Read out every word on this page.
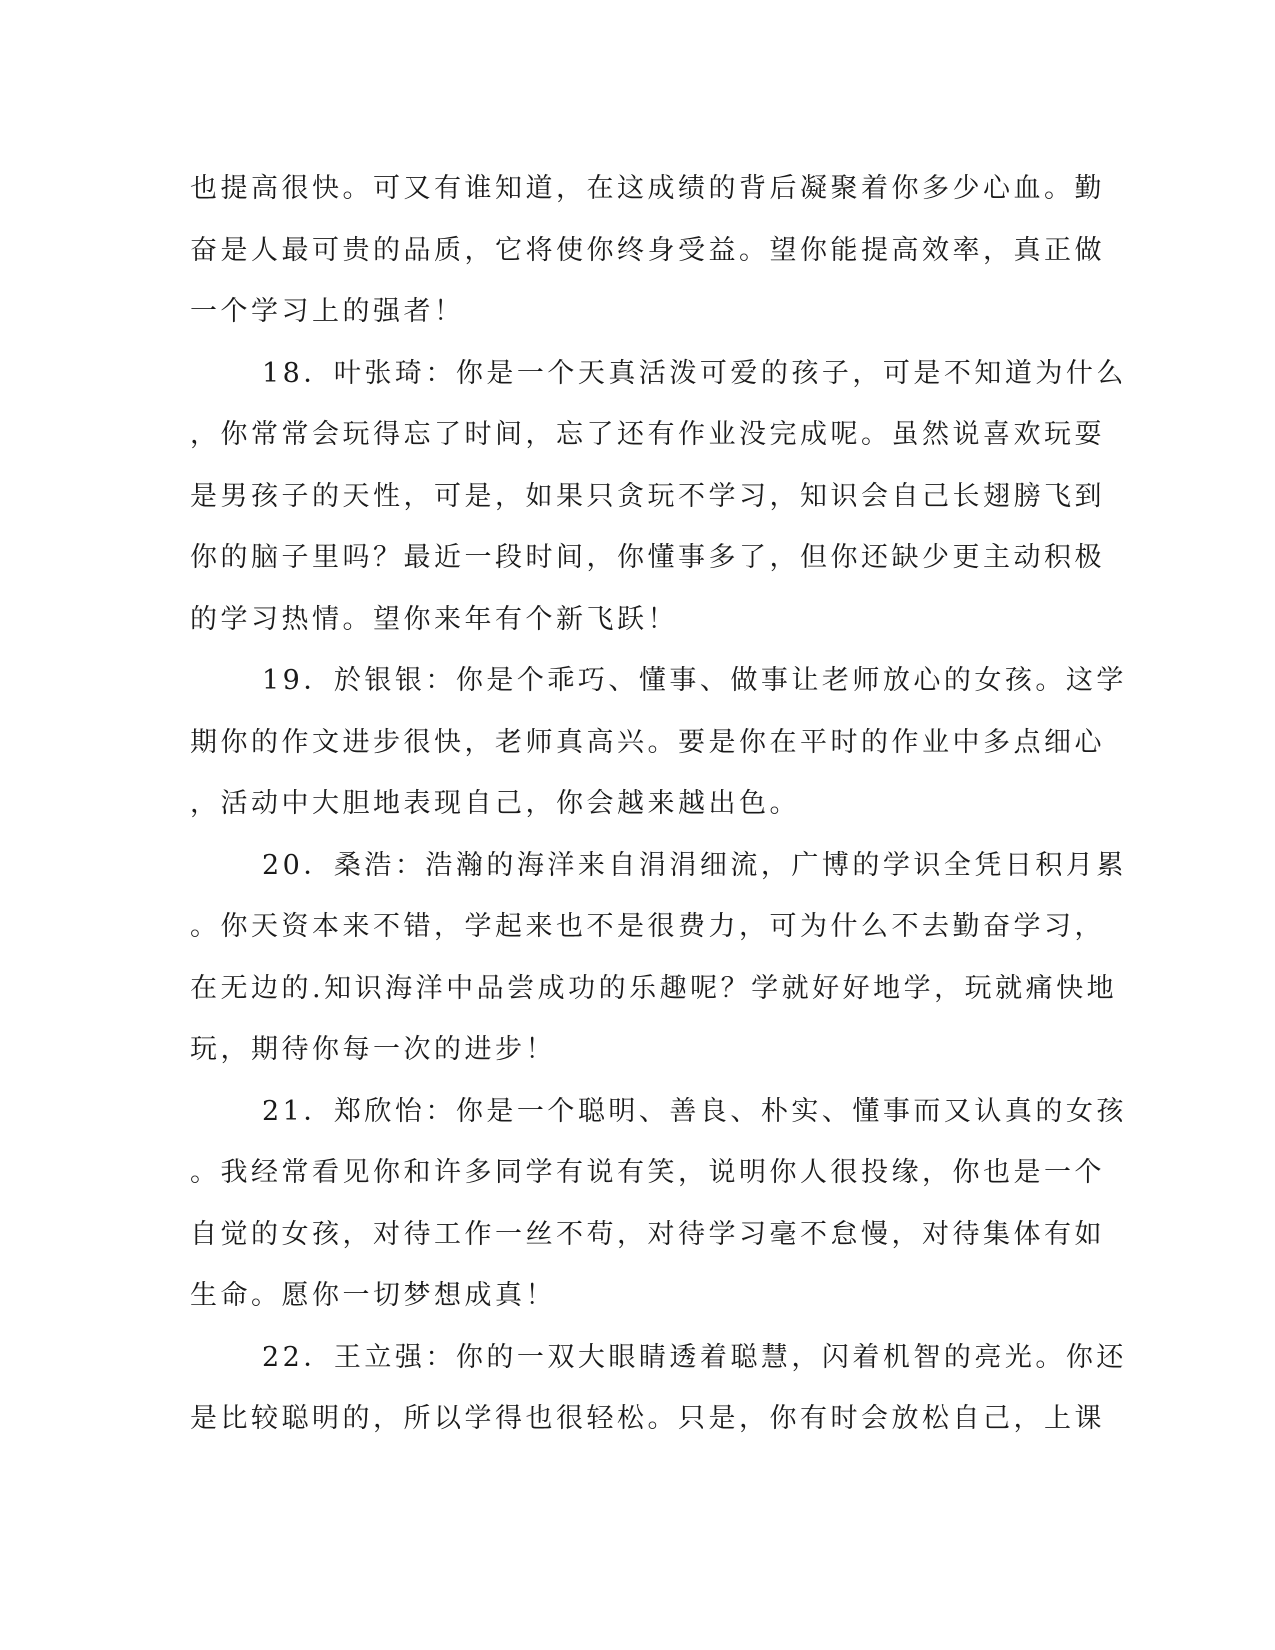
也提高很快。可又有谁知道，在这成绩的背后凝聚着你多少心血。勤
奋是人最可贵的品质，它将使你终身受益。望你能提高效率，真正做
一个学习上的强者！
18．叶张琦：你是一个天真活泼可爱的孩子，可是不知道为什么
，你常常会玩得忘了时间，忘了还有作业没完成呢。虽然说喜欢玩耍
是男孩子的天性，可是，如果只贪玩不学习，知识会自己长翅膀飞到
你的脑子里吗？最近一段时间，你懂事多了，但你还缺少更主动积极
的学习热情。望你来年有个新飞跃！
19．於银银：你是个乖巧、懂事、做事让老师放心的女孩。这学
期你的作文进步很快，老师真高兴。要是你在平时的作业中多点细心
，活动中大胆地表现自己，你会越来越出色。
20．桑浩：浩瀚的海洋来自涓涓细流，广博的学识全凭日积月累
。你天资本来不错，学起来也不是很费力，可为什么不去勤奋学习，
在无边的.知识海洋中品尝成功的乐趣呢？学就好好地学，玩就痛快地
玩，期待你每一次的进步！
21．郑欣怡：你是一个聪明、善良、朴实、懂事而又认真的女孩
。我经常看见你和许多同学有说有笑，说明你人很投缘，你也是一个
自觉的女孩，对待工作一丝不苟，对待学习毫不怠慢，对待集体有如
生命。愿你一切梦想成真！
22．王立强：你的一双大眼睛透着聪慧，闪着机智的亮光。你还
是比较聪明的，所以学得也很轻松。只是，你有时会放松自己，上课
